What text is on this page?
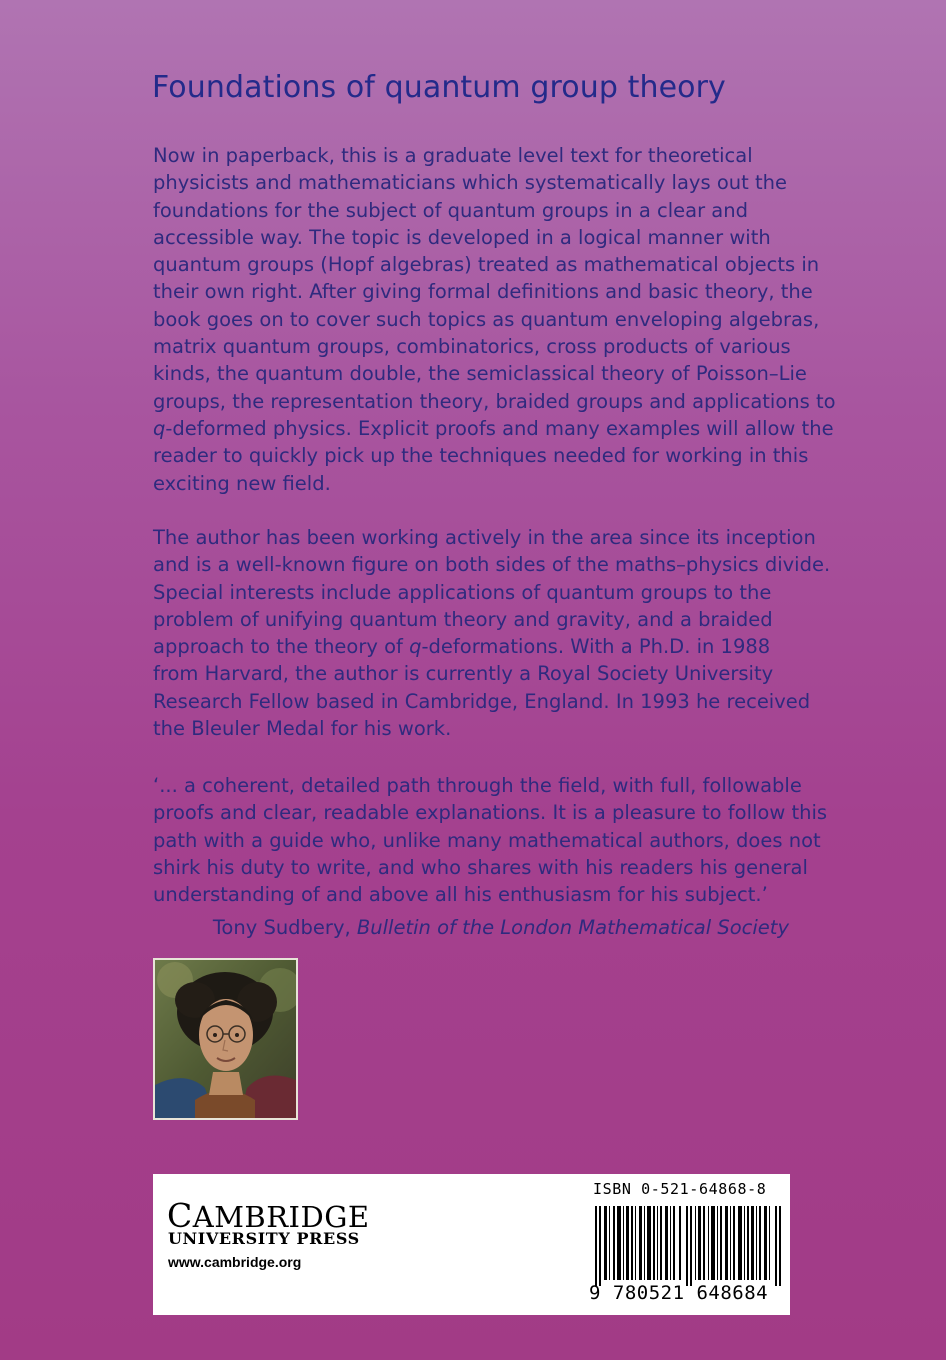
Foundations of quantum group theory
Now in paperback, this is a graduate level text for theoretical
physicists and mathematicians which systematically lays out the
foundations for the subject of quantum groups in a clear and
accessible way. The topic is developed in a logical manner with
quantum groups (Hopf algebras) treated as mathematical objects in
their own right. After giving formal definitions and basic theory, the
book goes on to cover such topics as quantum enveloping algebras,
matrix quantum groups, combinatorics, cross products of various
kinds, the quantum double, the semiclassical theory of Poisson–Lie
groups, the representation theory, braided groups and applications to
q-deformed physics. Explicit proofs and many examples will allow the
reader to quickly pick up the techniques needed for working in this
exciting new field.
The author has been working actively in the area since its inception
and is a well-known figure on both sides of the maths–physics divide.
Special interests include applications of quantum groups to the
problem of unifying quantum theory and gravity, and a braided
approach to the theory of q-deformations. With a Ph.D. in 1988
from Harvard, the author is currently a Royal Society University
Research Fellow based in Cambridge, England. In 1993 he received
the Bleuler Medal for his work.
‘... a coherent, detailed path through the field, with full, followable
proofs and clear, readable explanations. It is a pleasure to follow this
path with a guide who, unlike many mathematical authors, does not
shirk his duty to write, and who shares with his readers his general
understanding of and above all his enthusiasm for his subject.’
Tony Sudbery, Bulletin of the London Mathematical Society
CAMBRIDGE
UNIVERSITY PRESS
www.cambridge.org
ISBN 0-521-64868-8
9 780521 648684
